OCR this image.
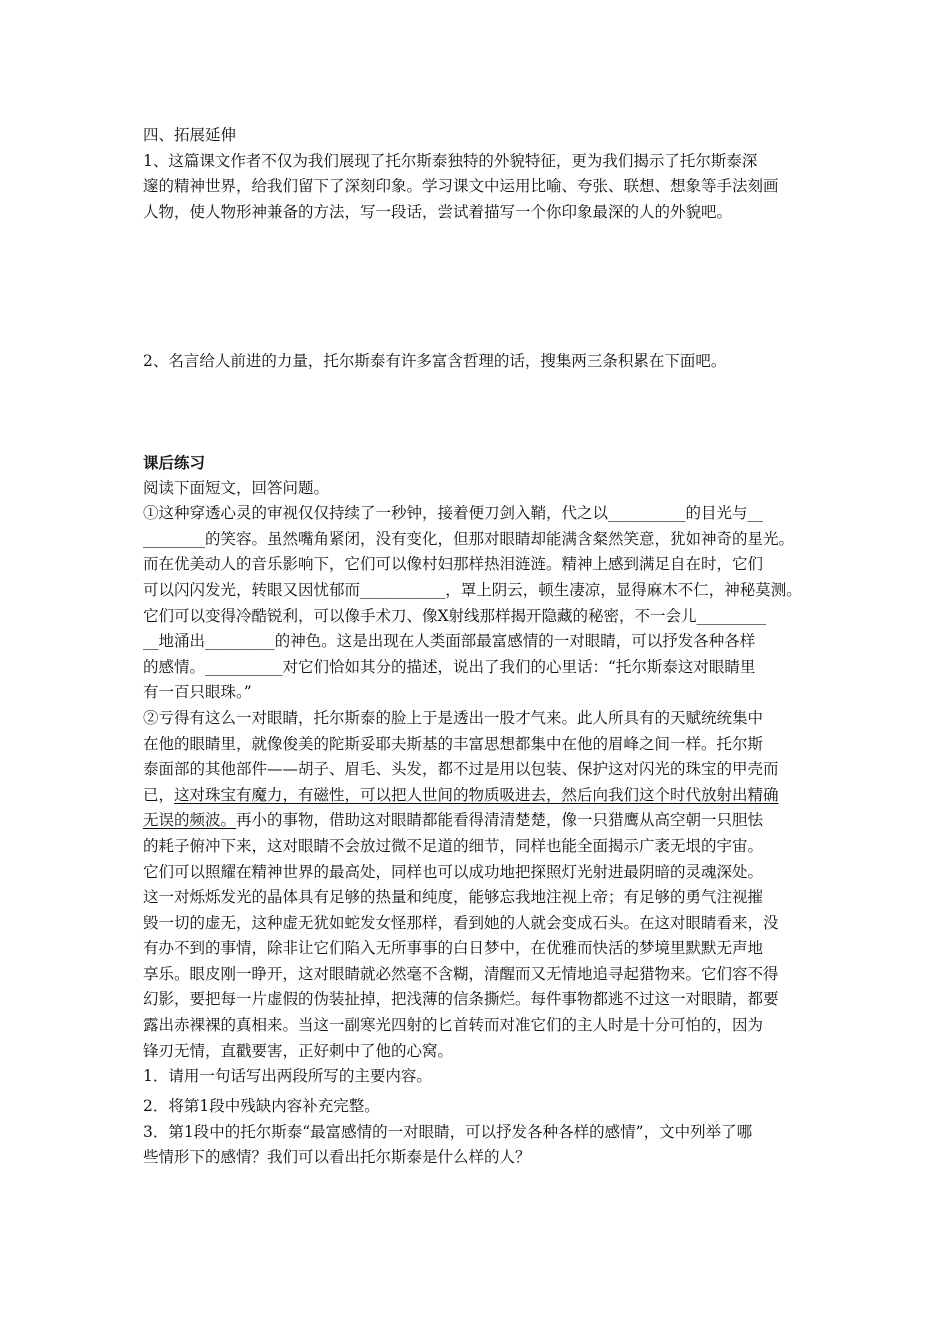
四、拓展延伸
1、这篇课文作者不仅为我们展现了托尔斯泰独特的外貌特征，更为我们揭示了托尔斯泰深
邃的精神世界，给我们留下了深刻印象。学习课文中运用比喻、夸张、联想、想象等手法刻画
人物，使人物形神兼备的方法，写一段话，尝试着描写一个你印象最深的人的外貌吧。
2、名言给人前进的力量，托尔斯泰有许多富含哲理的话，搜集两三条积累在下面吧。
课后练习
阅读下面短文，回答问题。
①这种穿透心灵的审视仅仅持续了一秒钟，接着便刀剑入鞘，代之以__________的目光与__
________的笑容。虽然嘴角紧闭，没有变化，但那对眼睛却能满含粲然笑意，犹如神奇的星光。
而在优美动人的音乐影响下，它们可以像村妇那样热泪涟涟。精神上感到满足自在时，它们
可以闪闪发光，转眼又因忧郁而___________，罩上阴云，顿生凄凉，显得麻木不仁，神秘莫测。
它们可以变得冷酷锐利，可以像手术刀、像X射线那样揭开隐藏的秘密，不一会儿_________
__地涌出_________的神色。这是出现在人类面部最富感情的一对眼睛，可以抒发各种各样
的感情。__________对它们恰如其分的描述，说出了我们的心里话：“托尔斯泰这对眼睛里
有一百只眼珠。”
②亏得有这么一对眼睛，托尔斯泰的脸上于是透出一股才气来。此人所具有的天赋统统集中
在他的眼睛里，就像俊美的陀斯妥耶夫斯基的丰富思想都集中在他的眉峰之间一样。托尔斯
泰面部的其他部件——胡子、眉毛、头发，都不过是用以包装、保护这对闪光的珠宝的甲壳而
已，这对珠宝有魔力，有磁性，可以把人世间的物质吸进去，然后向我们这个时代放射出精确
无误的频波。再小的事物，借助这对眼睛都能看得清清楚楚，像一只猎鹰从高空朝一只胆怯
的耗子俯冲下来，这对眼睛不会放过微不足道的细节，同样也能全面揭示广袤无垠的宇宙。
它们可以照耀在精神世界的最高处，同样也可以成功地把探照灯光射进最阴暗的灵魂深处。
这一对烁烁发光的晶体具有足够的热量和纯度，能够忘我地注视上帝；有足够的勇气注视摧
毁一切的虚无，这种虚无犹如蛇发女怪那样，看到她的人就会变成石头。在这对眼睛看来，没
有办不到的事情，除非让它们陷入无所事事的白日梦中，在优雅而快活的梦境里默默无声地
享乐。眼皮刚一睁开，这对眼睛就必然毫不含糊，清醒而又无情地追寻起猎物来。它们容不得
幻影，要把每一片虚假的伪装扯掉，把浅薄的信条撕烂。每件事物都逃不过这一对眼睛，都要
露出赤裸裸的真相来。当这一副寒光四射的匕首转而对准它们的主人时是十分可怕的，因为
锋刃无情，直戳要害，正好刺中了他的心窝。
1．请用一句话写出两段所写的主要内容。
2．将第1段中残缺内容补充完整。
3．第1段中的托尔斯泰“最富感情的一对眼睛，可以抒发各种各样的感情”，文中列举了哪
些情形下的感情？我们可以看出托尔斯泰是什么样的人？
